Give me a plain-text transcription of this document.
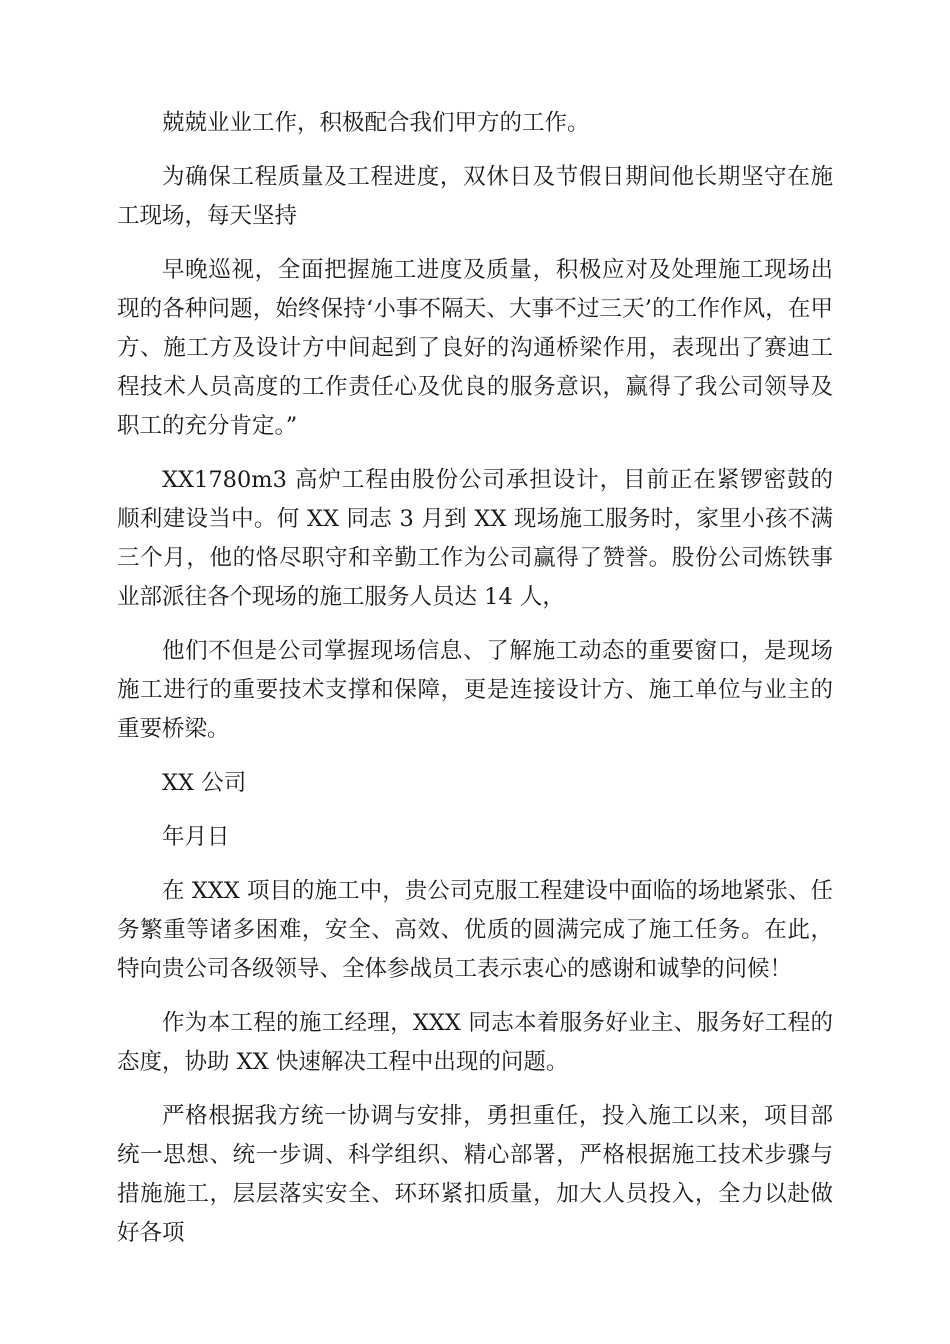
兢兢业业工作，积极配合我们甲方的工作。

为确保工程质量及工程进度，双休日及节假日期间他长期坚守在施工现场，每天坚持

早晚巡视，全面把握施工进度及质量，积极应对及处理施工现场出现的各种问题，始终保持‘小事不隔天、大事不过三天’的工作作风，在甲方、施工方及设计方中间起到了良好的沟通桥梁作用，表现出了赛迪工程技术人员高度的工作责任心及优良的服务意识，赢得了我公司领导及职工的充分肯定。”

XX1780m3 高炉工程由股份公司承担设计，目前正在紧锣密鼓的顺利建设当中。何 XX 同志 3 月到 XX 现场施工服务时，家里小孩不满三个月，他的恪尽职守和辛勤工作为公司赢得了赞誉。股份公司炼铁事业部派往各个现场的施工服务人员达 14 人，

他们不但是公司掌握现场信息、了解施工动态的重要窗口，是现场施工进行的重要技术支撑和保障，更是连接设计方、施工单位与业主的重要桥梁。

XX 公司

年月日

在 XXX 项目的施工中，贵公司克服工程建设中面临的场地紧张、任务繁重等诸多困难，安全、高效、优质的圆满完成了施工任务。在此，特向贵公司各级领导、全体参战员工表示衷心的感谢和诚挚的问候！

作为本工程的施工经理，XXX 同志本着服务好业主、服务好工程的态度，协助 XX 快速解决工程中出现的问题。

严格根据我方统一协调与安排，勇担重任，投入施工以来，项目部统一思想、统一步调、科学组织、精心部署，严格根据施工技术步骤与措施施工，层层落实安全、环环紧扣质量，加大人员投入，全力以赴做好各项
